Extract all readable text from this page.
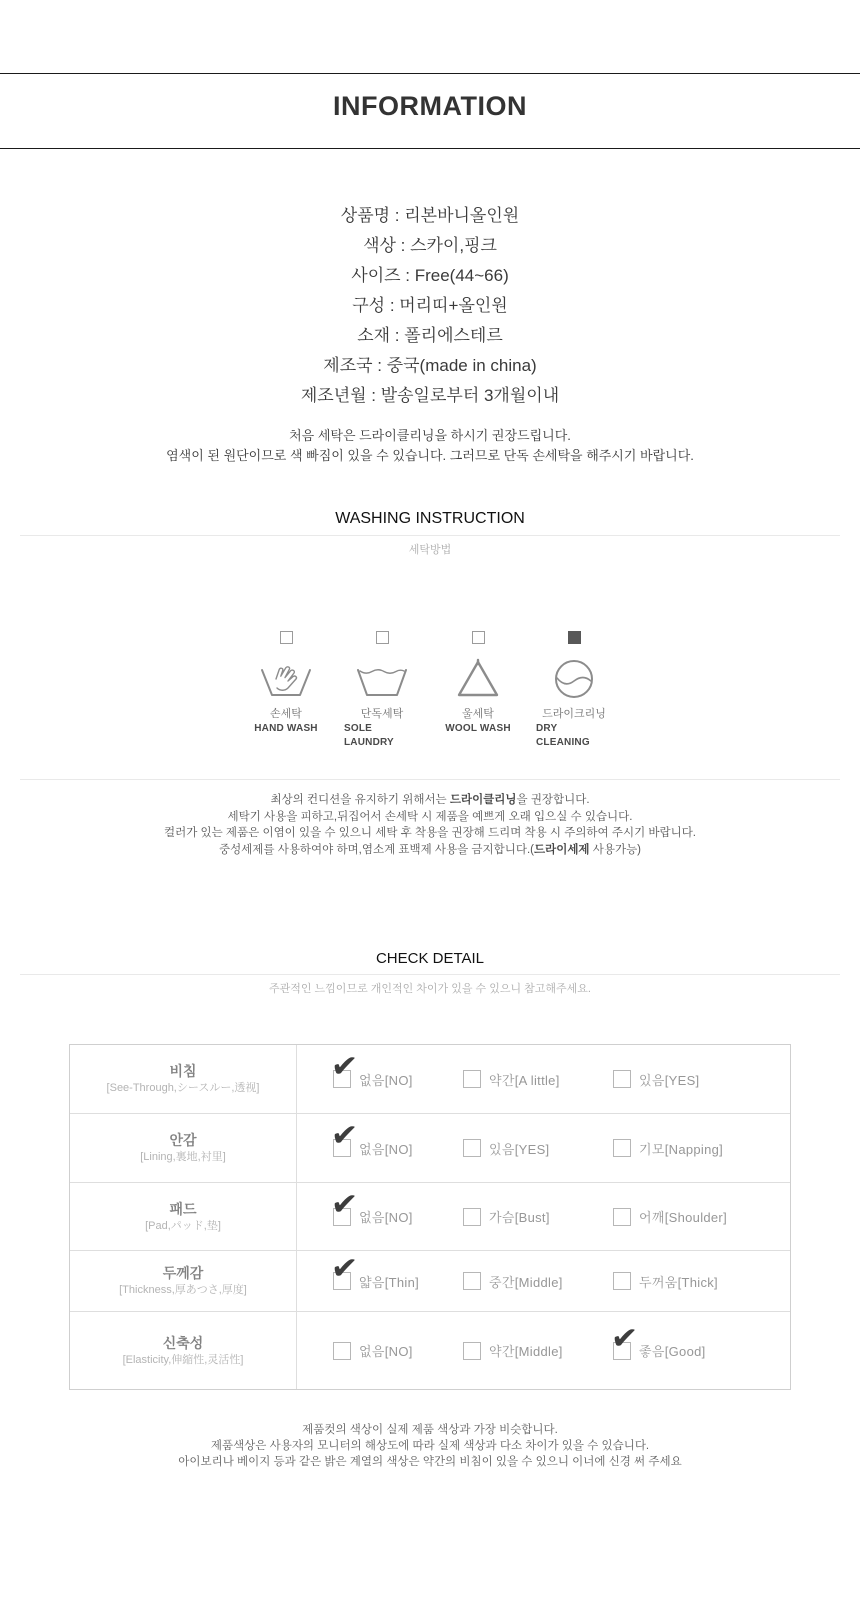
INFORMATION
상품명 : 리본바니올인원
색상 : 스카이,핑크
사이즈 : Free(44~66)
구성 : 머리띠+올인원
소재 : 폴리에스테르
제조국 : 중국(made in china)
제조년월 : 발송일로부터 3개월이내
처음 세탁은 드라이클리닝을 하시기 권장드립니다.
염색이 된 원단이므로 색 빠짐이 있을 수 있습니다. 그러므로 단독 손세탁을 해주시기 바랍니다.
WASHING INSTRUCTION
세탁방법
손세탁
HAND WASH
단독세탁
SOLE LAUNDRY
울세탁
WOOL WASH
드라이크리닝
DRY CLEANING
최상의 컨디션을 유지하기 위해서는 드라이클리닝을 권장합니다.
세탁기 사용을 피하고,뒤집어서 손세탁 시 제품을 예쁘게 오래 입으실 수 있습니다.
컬러가 있는 제품은 이염이 있을 수 있으니 세탁 후 착용을 권장해 드리며 착용 시 주의하여 주시기 바랍니다.
중성세제를 사용하여야 하며,염소계 표백제 사용을 금지합니다.(드라이세제 사용가능)
CHECK DETAIL
주관적인 느낌이므로 개인적인 차이가 있을 수 있으니 참고해주세요.
비침
[See-Through,シースルー,透视]
✔ 없음[NO]	약간[A little]	있음[YES]
안감
[Lining,裏地,衬里]
✔ 없음[NO]	있음[YES]	기모[Napping]
패드
[Pad,パッド,垫]
✔ 없음[NO]	가슴[Bust]	어깨[Shoulder]
두께감
[Thickness,厚あつさ,厚度]
✔ 얇음[Thin]	중간[Middle]	두꺼움[Thick]
신축성
[Elasticity,伸縮性,灵活性]
없음[NO]	약간[Middle] ✔ 좋음[Good]
제품컷의 색상이 실제 제품 색상과 가장 비슷합니다.
제품색상은 사용자의 모니터의 해상도에 따라 실제 색상과 다소 차이가 있을 수 있습니다.
아이보리나 베이지 등과 같은 밝은 계열의 색상은 약간의 비침이 있을 수 있으니 이너에 신경 써 주세요
